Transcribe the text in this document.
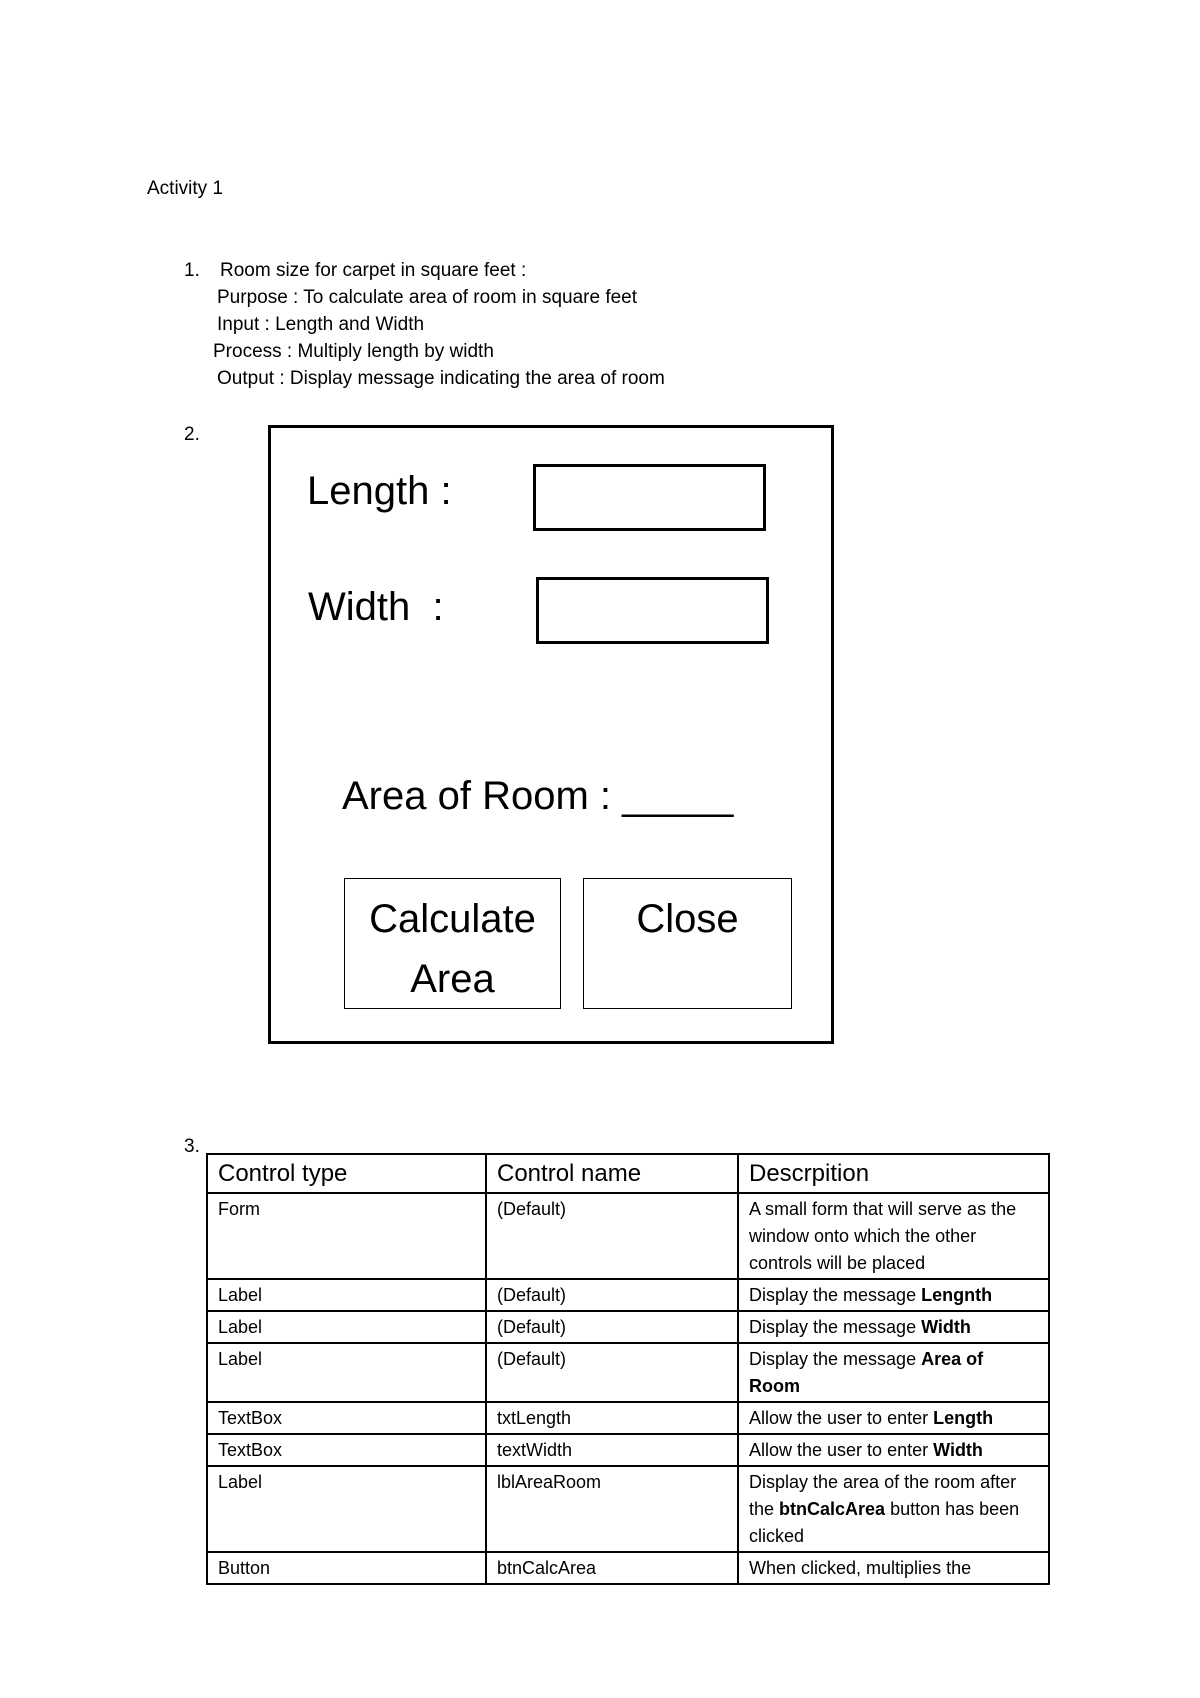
Activity 1
1. Room size for carpet in square feet :
Purpose : To calculate area of room in square feet
Input : Length and Width
Process : Multiply length by width
Output : Display message indicating the area of room
2.
Length :
Width  :
Area of Room : _____
Calculate
Area
Close
3.
Control type	Control name	Descrpition
Form	(Default)	A small form that will serve as the window onto which the other controls will be placed
Label	(Default)	Display the message Lengnth
Label	(Default)	Display the message Width
Label	(Default)	Display the message Area of Room
TextBox	txtLength	Allow the user to enter Length
TextBox	textWidth	Allow the user to enter Width
Label	lblAreaRoom	Display the area of the room after the btnCalcArea button has been clicked
Button	btnCalcArea	When clicked, multiplies the
